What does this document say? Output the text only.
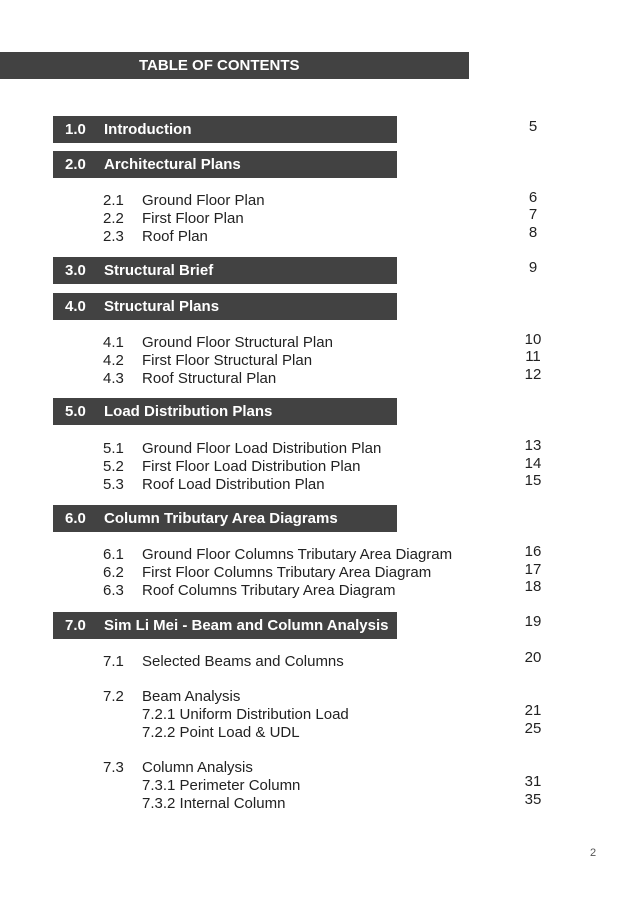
TABLE OF CONTENTS
1.0 Introduction	5
2.0 Architectural Plans
3.0 Structural Brief	9
4.0 Structural Plans
5.0 Load Distribution Plans
6.0 Column Tributary Area Diagrams
7.0 Sim Li Mei - Beam and Column Analysis	19
2.1 Ground Floor Plan	6
2.2 First Floor Plan	7
2.3 Roof Plan	8
4.1 Ground Floor Structural Plan	10
4.2 First Floor Structural Plan	11
4.3 Roof Structural Plan	12
5.1 Ground Floor Load Distribution Plan	13
5.2 First Floor Load Distribution Plan	14
5.3 Roof Load Distribution Plan	15
6.1 Ground Floor Columns Tributary Area Diagram	16
6.2 First Floor Columns Tributary Area Diagram	17
6.3 Roof Columns Tributary Area Diagram	18
7.1 Selected Beams and Columns	20
7.2 Beam Analysis
7.2.1 Uniform Distribution Load	21
7.2.2 Point Load & UDL	25
7.3 Column Analysis
7.3.1 Perimeter Column	31
7.3.2 Internal Column	35
2
